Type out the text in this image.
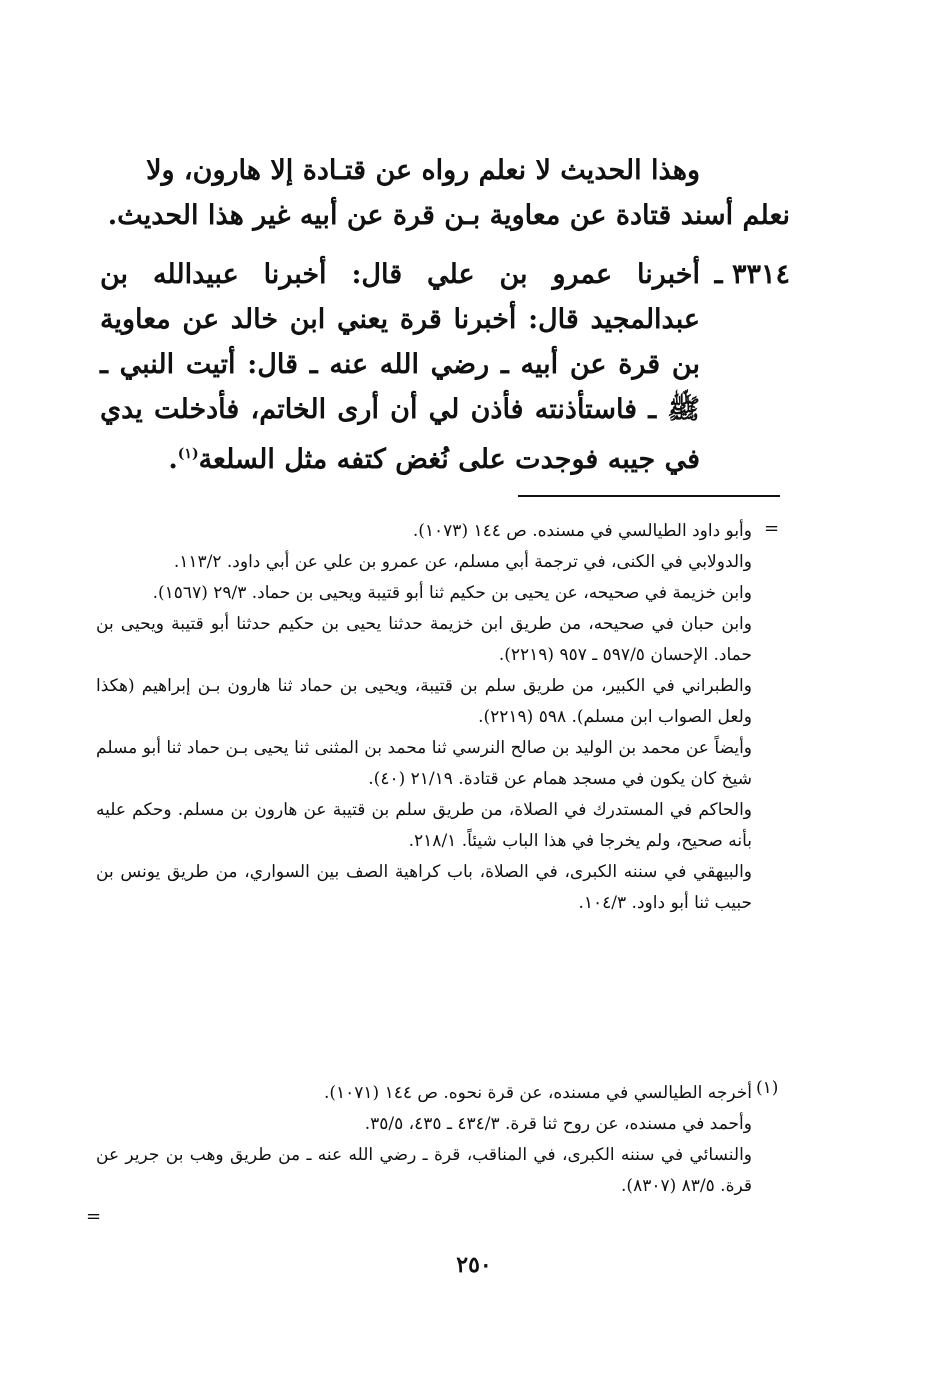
وهذا الحديث لا نعلم رواه عن قتـادة إلا هارون، ولا

نعلم أسند قتادة عن معاوية بـن قرة عن أبيه غير هذا الحديث.

٣٣١٤ ـ
أخبرنا عمرو بن علي قال: أخبرنا عبيدالله بن عبدالمجيد قال: أخبرنا قرة يعني ابن خالد عن معاوية بن قرة عن أبيه ـ رضي الله عنه ـ قال: أتيت النبي ـ ﷺ ـ فاستأذنته فأذن لي أن أرى الخاتم، فأدخلت يدي في جيبه فوجدت على نُغض كتفه مثل السلعة$^{(١)}$.
=

وأبو داود الطيالسي في مسنده. ص ١٤٤ (١٠٧٣).

والدولابي في الكنى، في ترجمة أبي مسلم، عن عمرو بن علي عن أبي داود. ١١٣/٢.

وابن خزيمة في صحيحه، عن يحيى بن حكيم ثنا أبو قتيبة ويحيى بن حماد. ٢٩/٣ (١٥٦٧).

وابن حبان في صحيحه، من طريق ابن خزيمة حدثنا يحيى بن حكيم حدثنا أبو قتيبة ويحيى بن حماد. الإحسان ٥٩٧/٥ ـ ٩٥٧ (٢٢١٩).

والطبراني في الكبير، من طريق سلم بن قتيبة، ويحيى بن حماد ثنا هارون بـن إبراهيم (هكذا ولعل الصواب ابن مسلم). ٥٩٨ (٢٢١٩).

وأيضاً عن محمد بن الوليد بن صالح النرسي ثنا محمد بن المثنى ثنا يحيى بـن حماد ثنا أبو مسلم شيخ كان يكون في مسجد همام عن قتادة. ٢١/١٩ (٤٠).

والحاكم في المستدرك في الصلاة، من طريق سلم بن قتيبة عن هارون بن مسلم. وحكم عليه بأنه صحيح، ولم يخرجا في هذا الباب شيئاً. ٢١٨/١.

والبيهقي في سننه الكبرى، في الصلاة، باب كراهية الصف بين السواري، من طريق يونس بن حبيب ثنا أبو داود. ١٠٤/٣.

(١)

أخرجه الطيالسي في مسنده، عن قرة نحوه. ص ١٤٤ (١٠٧١).

وأحمد في مسنده، عن روح ثنا قرة. ٤٣٤/٣ ـ ٤٣٥، ٣٥/٥.

والنسائي في سننه الكبرى، في المناقب، قرة ـ رضي الله عنه ـ من طريق وهب بن جرير عن قرة. ٨٣/٥ (٨٣٠٧).

=
٢٥٠
